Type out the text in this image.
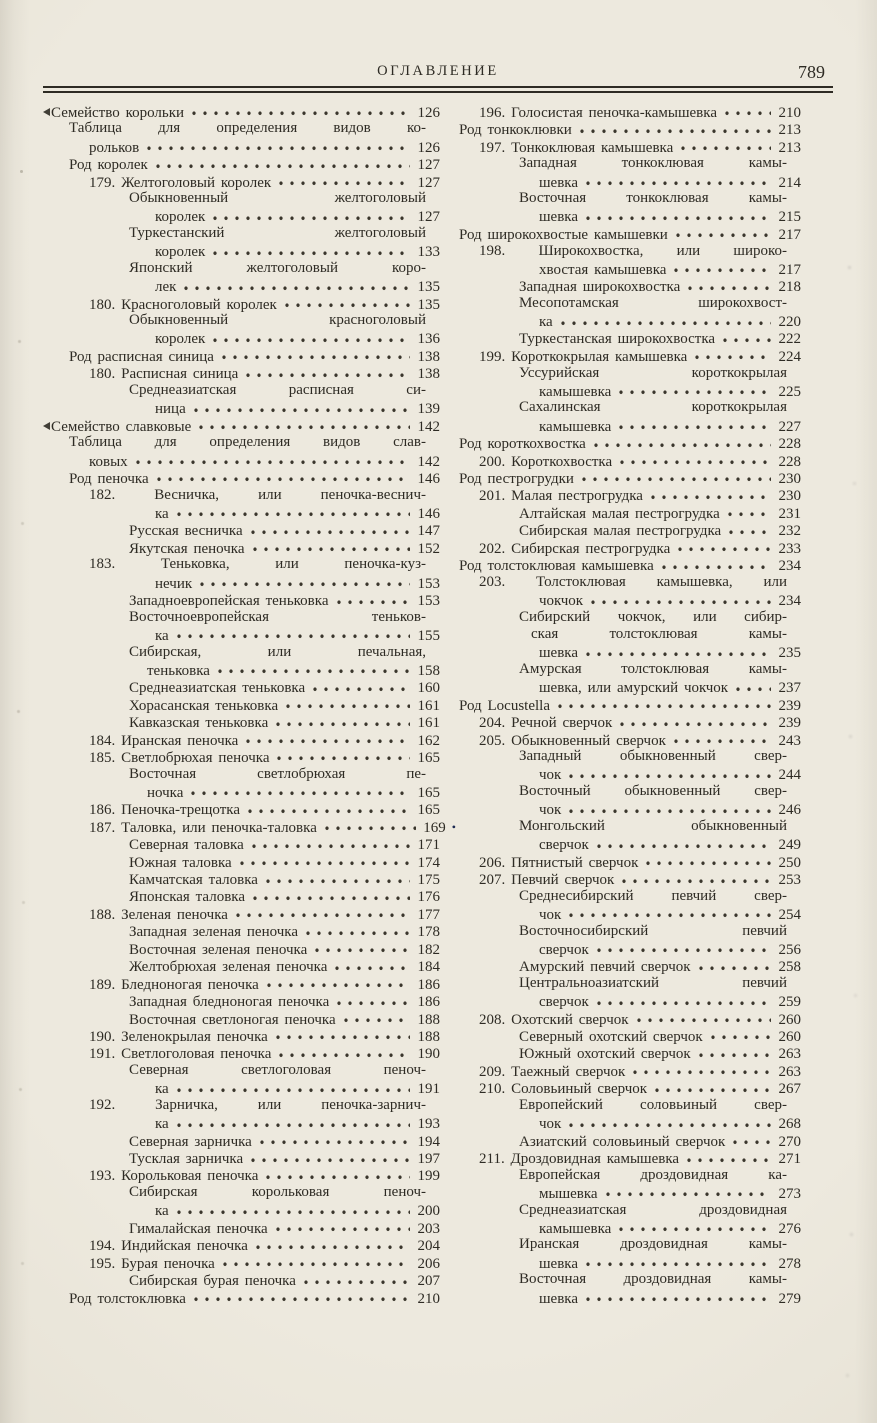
ОГЛАВЛЕНИЕ	789
Семейство корольки	126
Таблица для определения видов ко-
рольков	126
Род королек	127
179. Желтоголовый королек	127
Обыкновенный желтоголовый
королек	127
Туркестанский желтоголовый
королек	133
Японский желтоголовый коро-
лек	135
180. Красноголовый королек	135
Обыкновенный красноголовый
королек	136
Род расписная синица	138
180. Расписная синица	138
Среднеазиатская расписная си-
ница	139
Семейство славковые	142
Таблица для определения видов слав-
ковых	142
Род пеночка	146
182. Весничка, или пеночка-веснич-
ка	146
Русская весничка	147
Якутская пеночка	152
183. Теньковка, или пеночка-куз-
нечик	153
Западноевропейская теньковка	153
Восточноевропейская теньков-
ка	155
Сибирская, или печальная,
теньковка	158
Среднеазиатская теньковка	160
Хорасанская теньковка	161
Кавказская теньковка	161
184. Иранская пеночка	162
185. Светлобрюхая пеночка	165
Восточная светлобрюхая пе-
ночка	165
186. Пеночка-трещотка	165
187. Таловка, или пеночка-таловка	169 •
Северная таловка	171
Южная таловка	174
Камчатская таловка	175
Японская таловка	176
188. Зеленая пеночка	177
Западная зеленая пеночка	178
Восточная зеленая пеночка	182
Желтобрюхая зеленая пеночка	184
189. Бледноногая пеночка	186
Западная бледноногая пеночка	186
Восточная светлоногая пеночка	188
190. Зеленокрылая пеночка	188
191. Светлоголовая пеночка	190
Северная светлоголовая пеноч-
ка	191
192. Зарничка, или пеночка-зарнич-
ка	193
Северная зарничка	194
Тусклая зарничка	197
193. Корольковая пеночка	199
Сибирская корольковая пеноч-
ка	200
Гималайская пеночка	203
194. Индийская пеночка	204
195. Бурая пеночка	206
Сибирская бурая пеночка	207
Род толстоклювка	210
196. Голосистая пеночка-камышевка	210
Род тонкоклювки	213
197. Тонкоклювая камышевка	213
Западная тонкоклювая камы-
шевка	214
Восточная тонкоклювая камы-
шевка	215
Род широкохвостые камышевки	217
198. Широкохвостка, или широко-
хвостая камышевка	217
Западная широкохвостка	218
Месопотамская широкохвост-
ка	220
Туркестанская широкохвостка	222
199. Короткокрылая камышевка	224
Уссурийская короткокрылая
камышевка	225
Сахалинская короткокрылая
камышевка	227
Род короткохвостка	228
200. Короткохвостка	228
Род пестрогрудки	230
201. Малая пестрогрудка	230
Алтайская малая пестрогрудка	231
Сибирская малая пестрогрудка	232
202. Сибирская пестрогрудка	233
Род толстоклювая камышевка	234
203. Толстоклювая камышевка, или
чокчок	234
Сибирский чокчок, или сибир-
ская толстоклювая камы-
шевка	235
Амурская толстоклювая камы-
шевка, или амурский чокчок	237
Род Locustella	239
204. Речной сверчок	239
205. Обыкновенный сверчок	243
Западный обыкновенный свер-
чок	244
Восточный обыкновенный свер-
чок	246
Монгольский обыкновенный
сверчок	249
206. Пятнистый сверчок	250
207. Певчий сверчок	253
Среднесибирский певчий свер-
чок	254
Восточносибирский певчий
сверчок	256
Амурский певчий сверчок	258
Центральноазиатский певчий
сверчок	259
208. Охотский сверчок	260
Северный охотский сверчок	260
Южный охотский сверчок	263
209. Таежный сверчок	263
210. Соловьиный сверчок	267
Европейский соловьиный свер-
чок	268
Азиатский соловьиный сверчок	270
211. Дроздовидная камышевка	271
Европейская дроздовидная ка-
мышевка	273
Среднеазиатская дроздовидная
камышевка	276
Иранская дроздовидная камы-
шевка	278
Восточная дроздовидная камы-
шевка	279
